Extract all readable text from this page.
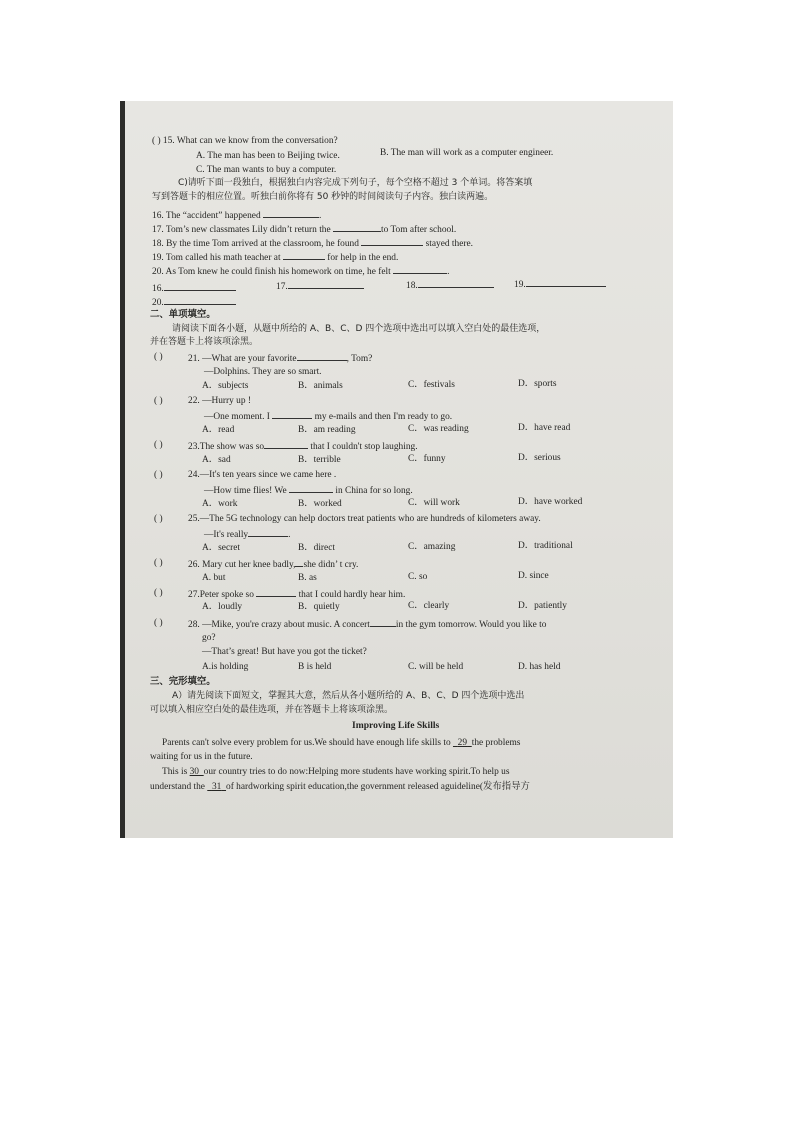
( ) 15. What can we know from the conversation?
A. The man has been to Beijing twice.	B. The man will work as a computer engineer.
C. The man wants to buy a computer.
C)请听下面一段独白，根据独白内容完成下列句子，每个空格不超过 3 个单词。将答案填
写到答题卡的相应位置。听独白前你将有 50 秒钟的时间阅读句子内容。独白读两遍。
16. The “accident” happened	.
17. Tom’s new classmates Lily didn’t return the	to Tom after school.
18. By the time Tom arrived at the classroom, he found	stayed there.
19. Tom called his math teacher at	for help in the end.
20. As Tom knew he could finish his homework on time, he felt	.
16.	17.	18.	19.
20.
二、单项填空。
请阅读下面各小题，从题中所给的 A、B、C、D 四个选项中选出可以填入空白处的最佳选项，
并在答题卡上将该项涂黑。
( )	21. —What are your favorite	, Tom?
—Dolphins. They are so smart.
A．subjects	B．animals	C．festivals	D．sports
( )	22. —Hurry up !
—One moment. I	my e-mails and then I'm ready to go.
A．read	B．am reading	C．was reading	D．have read
( )	23.The show was so	that I couldn't stop laughing.
A．sad	B．terrible	C．funny	D．serious
( )	24.—It's ten years since we came here .
—How time flies! We	in China for so long.
A．work	B．worked	C．will work	D．have worked
( )	25.—The 5G technology can help doctors treat patients who are hundreds of kilometers away.
—It's really	.
A．secret	B．direct	C．amazing	D．traditional
( )	26. Mary cut her knee badly, she didn’ t cry.
A. but	B. as	C. so	D. since
( )	27.Peter spoke so	that I could hardly hear him.
A．loudly	B．quietly	C．clearly	D．patiently
( )	28. —Mike, you're crazy about music. A concert	in the gym tomorrow. Would you like to
go?
—That’s great! But have you got the ticket?
A.is holding	B is held	C. will be held	D. has held
三、完形填空。
A）请先阅读下面短文，掌握其大意，然后从各小题所给的 A、B、C、D 四个选项中选出
可以填入相应空白处的最佳选项，并在答题卡上将该项涂黑。
Improving Life Skills
Parents can't solve every problem for us.We should have enough life skills to 29 the problems
waiting for us in the future.
This is 30 our country tries to do now:Helping more students have working spirit.To help us
understand the 31 of hardworking spirit education,the government released aguideline(发布指导方
